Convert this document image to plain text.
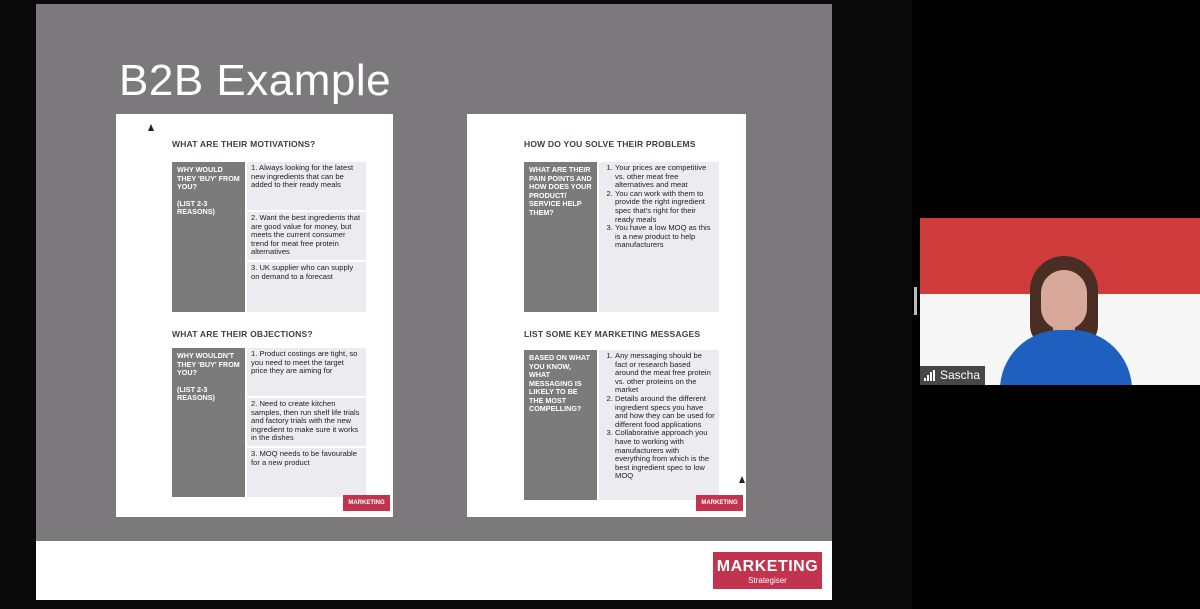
B2B Example
WHAT ARE THEIR MOTIVATIONS?
WHY WOULD THEY 'BUY' FROM YOU?
(LIST 2-3 REASONS)
1. Always looking for the latest new ingredients that can be added to their ready meals
2. Want the best ingredients that are good value for money, but meets the current consumer trend for meat free protein alternatives
3. UK supplier who can supply on demand to a forecast
WHAT ARE THEIR OBJECTIONS?
WHY WOULDN'T THEY 'BUY' FROM YOU?
(LIST 2-3 REASONS)
1. Product costings are tight, so you need to meet the target price they are aiming for
2. Need to create kitchen samples, then run shelf life trials and factory trials with the new ingredient to make sure it works in the dishes
3. MOQ needs to be favourable for a new product
MARKETING
HOW DO YOU SOLVE THEIR PROBLEMS
WHAT ARE THEIR PAIN POINTS AND HOW DOES YOUR PRODUCT/ SERVICE HELP THEM?
1. Your prices are competitive vs. other meat free alternatives and meat
2. You can work with them to provide the right ingredient spec that's right for their ready meals
3. You have a low MOQ as this is a new product to help manufacturers
LIST SOME KEY MARKETING MESSAGES
BASED ON WHAT YOU KNOW, WHAT MESSAGING IS LIKELY TO BE THE MOST COMPELLING?
1. Any messaging should be fact or research based around the meat free protein vs. other proteins on the market
2. Details around the different ingredient specs you have and how they can be used for different food applications
3. Collaborative approach you have to working with manufacturers with everything from which is the best ingredient spec to low MOQ
MARKETING
MARKETING
Strategiser
Sascha
